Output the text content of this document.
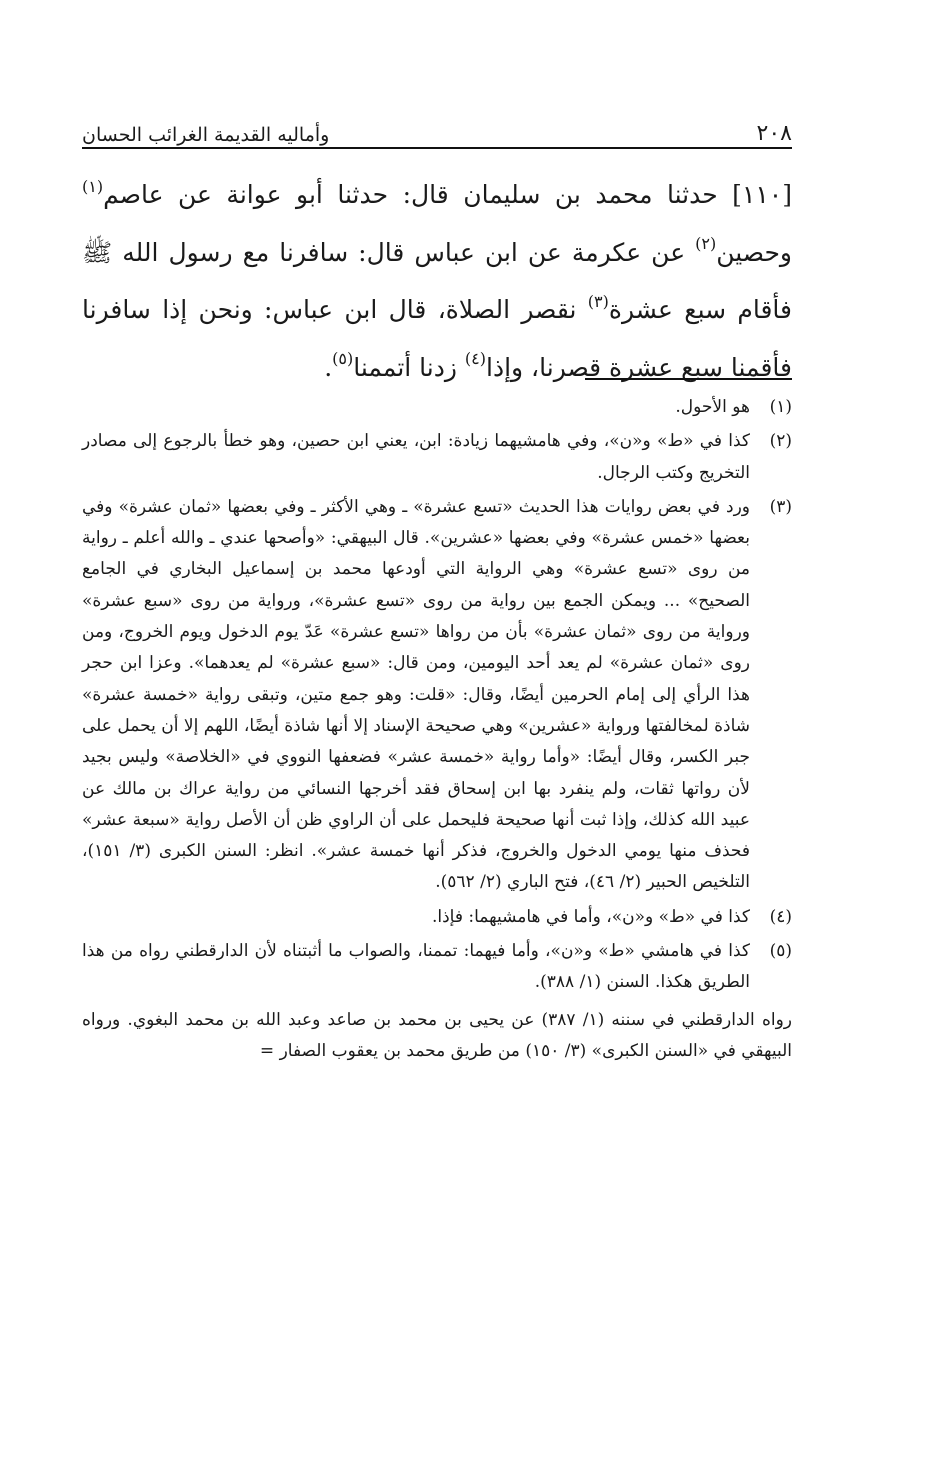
٢٠٨
وأماليه القديمة الغرائب الحسان
[١١٠] حدثنا محمد بن سليمان قال: حدثنا أبو عوانة عن عاصم$^{(١)}$ وحصين$^{(٢)}$ عن عكرمة عن ابن عباس قال: سافرنا مع رسول الله ﷺ فأقام سبع عشرة$^{(٣)}$ نقصر الصلاة، قال ابن عباس: ونحن إذا سافرنا فأقمنا سبع عشرة قصرنا، وإذا$^{(٤)}$ زدنا أتممنا$^{(٥)}$.
(١)
هو الأحول.
(٢)
كذا في «ط» و«ن»، وفي هامشيهما زيادة: ابن، يعني ابن حصين، وهو خطأ بالرجوع إلى مصادر التخريج وكتب الرجال.
(٣)
ورد في بعض روايات هذا الحديث «تسع عشرة» ـ وهي الأكثر ـ وفي بعضها «ثمان عشرة» وفي بعضها «خمس عشرة» وفي بعضها «عشرين». قال البيهقي: «وأصحها عندي ـ والله أعلم ـ رواية من روى «تسع عشرة» وهي الرواية التي أودعها محمد بن إسماعيل البخاري في الجامع الصحيح» ... ويمكن الجمع بين رواية من روى «تسع عشرة»، ورواية من روى «سبع عشرة» ورواية من روى «ثمان عشرة» بأن من رواها «تسع عشرة» عَدّ يوم الدخول ويوم الخروج، ومن روى «ثمان عشرة» لم يعد أحد اليومين، ومن قال: «سبع عشرة» لم يعدهما». وعزا ابن حجر هذا الرأي إلى إمام الحرمين أيضًا، وقال: «قلت: وهو جمع متين، وتبقى رواية «خمسة عشرة» شاذة لمخالفتها ورواية «عشرين» وهي صحيحة الإسناد إلا أنها شاذة أيضًا، اللهم إلا أن يحمل على جبر الكسر، وقال أيضًا: «وأما رواية «خمسة عشر» فضعفها النووي في «الخلاصة» وليس بجيد لأن رواتها ثقات، ولم ينفرد بها ابن إسحاق فقد أخرجها النسائي من رواية عراك بن مالك عن عبيد الله كذلك، وإذا ثبت أنها صحيحة فليحمل على أن الراوي ظن أن الأصل رواية «سبعة عشر» فحذف منها يومي الدخول والخروج، فذكر أنها خمسة عشر». انظر: السنن الكبرى (٣/ ١٥١)، التلخيص الحبير (٢/ ٤٦)، فتح الباري (٢/ ٥٦٢).
(٤)
كذا في «ط» و«ن»، وأما في هامشيهما: فإذا.
(٥)
كذا في هامشي «ط» و«ن»، وأما فيهما: تممنا، والصواب ما أثبتناه لأن الدارقطني رواه من هذا الطريق هكذا. السنن (١/ ٣٨٨).
رواه الدارقطني في سننه (١/ ٣٨٧) عن يحيى بن محمد بن صاعد وعبد الله بن محمد البغوي. ورواه البيهقي في «السنن الكبرى» (٣/ ١٥٠) من طريق محمد بن يعقوب الصفار =
